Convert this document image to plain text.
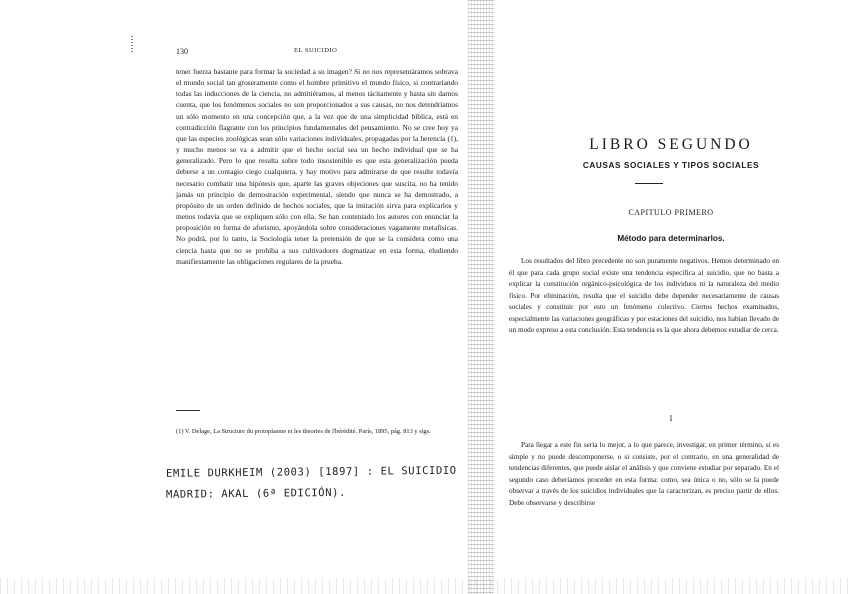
130	EL SUICIDIO

tener fuerza bastante para formar la sociedad a su imagen? Si no nos representáramos sobrava el mundo social tan groseramente como el hombre primitivo el mundo físico, si contrariando todas las inducciones de la ciencia, no admitiéramos, al menos tácitamente y hasta sin darnos cuenta, que los fenómenos sociales no son proporcionados a sus causas, no nos detendríamos un sólo momento en una concepción que, a la vez que de una simplicidad bíblica, está en contradicción flagrante con los principios fundamentales del pensamiento. No se cree hoy ya que las especies zoológicas sean sólo variaciones individuales, propagadas por la herencia (1), y mucho menos se va a admitir que el hecho social sea un hecho individual que se ha generalizado. Pero lo que resulta sobre todo insostenible es que esta generalización pueda deberse a un contagio ciego cualquiera, y hay motivo para admirarse de que resulte todavía necesario combatir una hipótesis que, aparte las graves objeciones que suscita, no ha tenido jamás un principio de demostración experimental, siendo que nunca se ha demostrado, a propósito de un orden definido de hechos sociales, que la imitación sirva para explicarlos y menos todavía que se expliquen sólo con ella. Se han contentado los autores con enunciar la proposición en forma de aforismo, apoyándola sobre consideraciones vagamente metafísicas. No podrá, por lo tanto, la Sociología tener la pretensión de que se la considera como una ciencia hasta que no se prohiba a sus cultivadores dogmatizar en esta forma, eludiendo manifiestamente las obligaciones regulares de la prueba.

(1) V. Delage, La Structure du protoplasme et les theories de l'hérédité. París, 1895, pág. 813 y sigs.
EMILE DURKHEIM (2003) [1897] : EL SUICIDIO
MADRID: AKAL (6ª EDICIÓN).
LIBRO SEGUNDO
CAUSAS SOCIALES Y TIPOS SOCIALES
CAPITULO PRIMERO
Método para determinarlos.

Los resultados del libro precedente no son puramente negativos. Hemos determinado en él que para cada grupo social existe una tendencia específica al suicidio, que no basta a explicar la constitución orgánico-psicológica de los individuos ni la naturaleza del medio físico. Por eliminación, resulta que el suicidio debe depender necesariamente de causas sociales y constituir por esto un fenómeno colectivo. Ciertos hechos examinados, especialmente las variaciones geográficas y por estaciones del suicidio, nos habían llevado de un modo expreso a esta conclusión. Esta tendencia es la que ahora debemos estudiar de cerca.

I

Para llegar a este fin sería lo mejor, a lo que parece, investigar, en primer término, si es simple y no puede descomponerse, o si consiste, por el contrario, en una generalidad de tendencias diferentes, que puede aislar el análisis y que conviene estudiar por separado. En el segundo caso deberíamos proceder en esta forma: como, sea única o no, sólo se la puede observar a través de los suicidios individuales que la caracterizan, es preciso partir de ellos. Debe observarse y describirse
